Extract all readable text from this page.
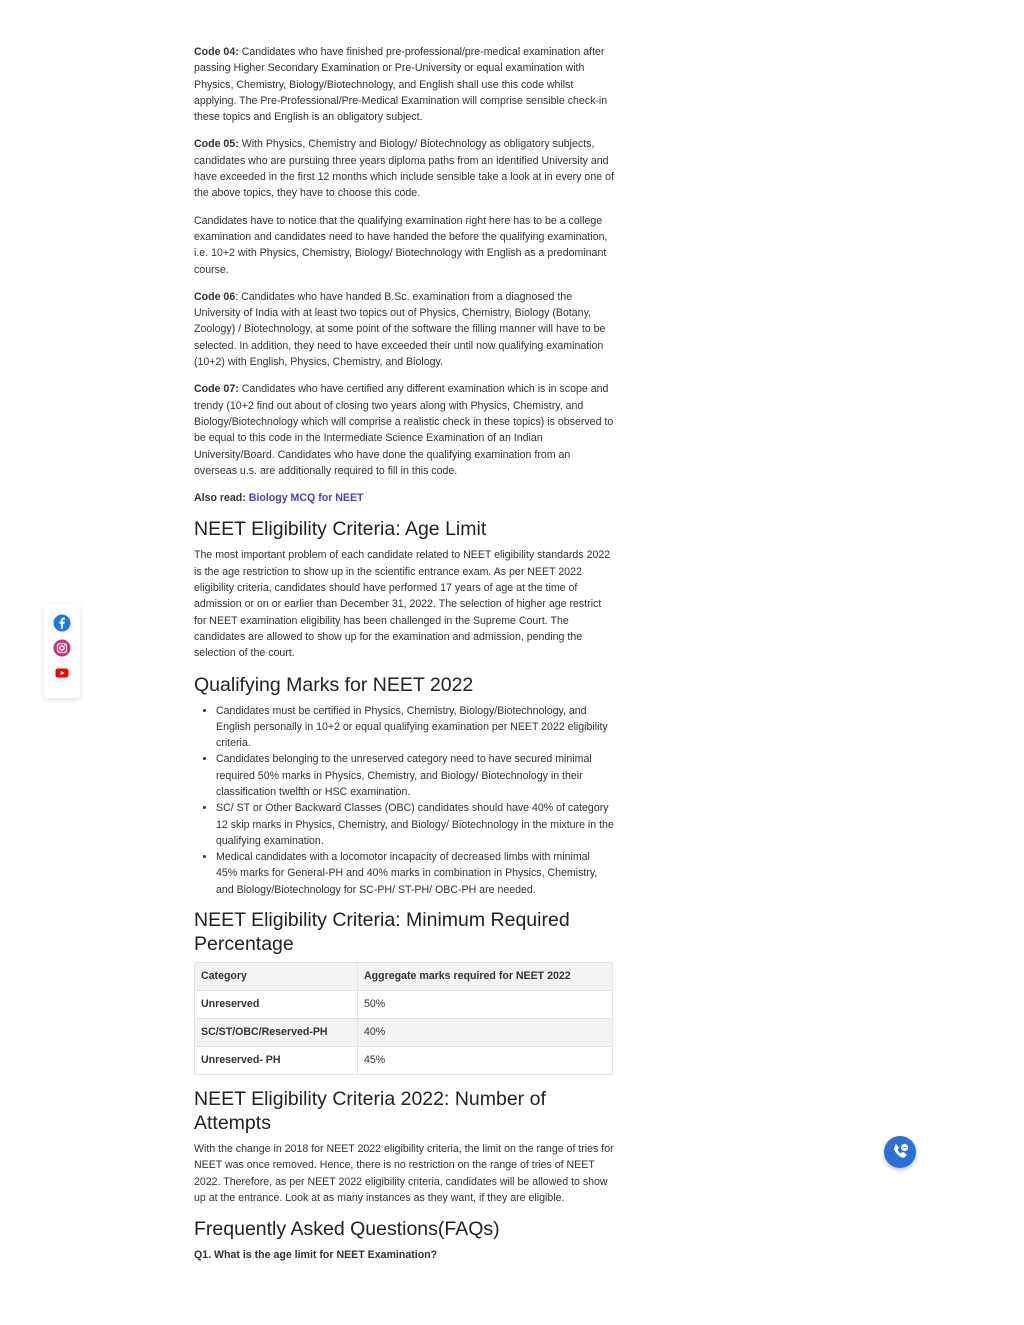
Code 04: Candidates who have finished pre-professional/pre-medical examination after passing Higher Secondary Examination or Pre-University or equal examination with Physics, Chemistry, Biology/Biotechnology, and English shall use this code whilst applying. The Pre-Professional/Pre-Medical Examination will comprise sensible check-in these topics and English is an obligatory subject.

Code 05: With Physics, Chemistry and Biology/ Biotechnology as obligatory subjects, candidates who are pursuing three years diploma paths from an identified University and have exceeded in the first 12 months which include sensible take a look at in every one of the above topics, they have to choose this code.

Candidates have to notice that the qualifying examination right here has to be a college examination and candidates need to have handed the before the qualifying examination, i.e. 10+2 with Physics, Chemistry, Biology/ Biotechnology with English as a predominant course.

Code 06: Candidates who have handed B.Sc. examination from a diagnosed the University of India with at least two topics out of Physics, Chemistry, Biology (Botany, Zoology) / Biotechnology, at some point of the software the filling manner will have to be selected. In addition, they need to have exceeded their until now qualifying examination (10+2) with English, Physics, Chemistry, and Biology.

Code 07: Candidates who have certified any different examination which is in scope and trendy (10+2 find out about of closing two years along with Physics, Chemistry, and Biology/Biotechnology which will comprise a realistic check in these topics) is observed to be equal to this code in the Intermediate Science Examination of an Indian University/Board. Candidates who have done the qualifying examination from an overseas u.s. are additionally required to fill in this code.

Also read: Biology MCQ for NEET

NEET Eligibility Criteria: Age Limit

The most important problem of each candidate related to NEET eligibility standards 2022 is the age restriction to show up in the scientific entrance exam. As per NEET 2022 eligibility criteria, candidates should have performed 17 years of age at the time of admission or on or earlier than December 31, 2022. The selection of higher age restrict for NEET examination eligibility has been challenged in the Supreme Court. The candidates are allowed to show up for the examination and admission, pending the selection of the court.

Qualifying Marks for NEET 2022
• Candidates must be certified in Physics, Chemistry, Biology/Biotechnology, and English personally in 10+2 or equal qualifying examination per NEET 2022 eligibility criteria.
• Candidates belonging to the unreserved category need to have secured minimal required 50% marks in Physics, Chemistry, and Biology/ Biotechnology in their classification twelfth or HSC examination.
• SC/ ST or Other Backward Classes (OBC) candidates should have 40% of category 12 skip marks in Physics, Chemistry, and Biology/ Biotechnology in the mixture in the qualifying examination.
• Medical candidates with a locomotor incapacity of decreased limbs with minimal 45% marks for General-PH and 40% marks in combination in Physics, Chemistry, and Biology/Biotechnology for SC-PH/ ST-PH/ OBC-PH are needed.
NEET Eligibility Criteria: Minimum Required Percentage
Category	Aggregate marks required for NEET 2022
Unreserved	50%
SC/ST/OBC/Reserved-PH	40%
Unreserved- PH	45%
NEET Eligibility Criteria 2022: Number of Attempts

With the change in 2018 for NEET 2022 eligibility criteria, the limit on the range of tries for NEET was once removed. Hence, there is no restriction on the range of tries of NEET 2022. Therefore, as per NEET 2022 eligibility criteria, candidates will be allowed to show up at the entrance. Look at as many instances as they want, if they are eligible.

Frequently Asked Questions(FAQs)
Q1. What is the age limit for NEET Examination?
